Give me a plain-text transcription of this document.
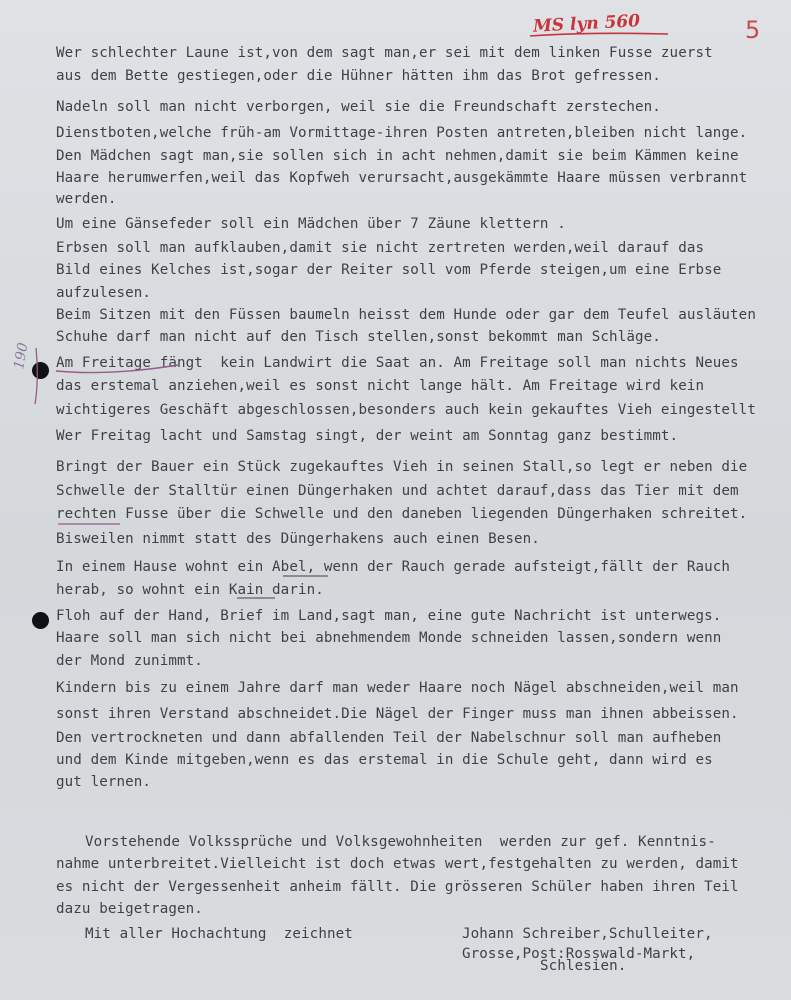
MS lyn 560	5
190
Wer schlechter Laune ist,von dem sagt man,er sei mit dem linken Fusse zuerst
aus dem Bette gestiegen,oder die Hühner hätten ihm das Brot gefressen.
Nadeln soll man nicht verborgen, weil sie die Freundschaft zerstechen.
Dienstboten,welche früh-am Vormittage-ihren Posten antreten,bleiben nicht lange.
Den Mädchen sagt man,sie sollen sich in acht nehmen,damit sie beim Kämmen keine
Haare herumwerfen,weil das Kopfweh verursacht,ausgekämmte Haare müssen verbrannt
werden.
Um eine Gänsefeder soll ein Mädchen über 7 Zäune klettern .
Erbsen soll man aufklauben,damit sie nicht zertreten werden,weil darauf das
Bild eines Kelches ist,sogar der Reiter soll vom Pferde steigen,um eine Erbse
aufzulesen.
Beim Sitzen mit den Füssen baumeln heisst dem Hunde oder gar dem Teufel ausläuten
Schuhe darf man nicht auf den Tisch stellen,sonst bekommt man Schläge.
Am Freitage fängt  kein Landwirt die Saat an. Am Freitage soll man nichts Neues
das erstemal anziehen,weil es sonst nicht lange hält. Am Freitage wird kein
wichtigeres Geschäft abgeschlossen,besonders auch kein gekauftes Vieh eingestellt
Wer Freitag lacht und Samstag singt, der weint am Sonntag ganz bestimmt.
Bringt der Bauer ein Stück zugekauftes Vieh in seinen Stall,so legt er neben die
Schwelle der Stalltür einen Düngerhaken und achtet darauf,dass das Tier mit dem
rechten Fusse über die Schwelle und den daneben liegenden Düngerhaken schreitet.
Bisweilen nimmt statt des Düngerhakens auch einen Besen.
In einem Hause wohnt ein Abel, wenn der Rauch gerade aufsteigt,fällt der Rauch
herab, so wohnt ein Kain darin.
Floh auf der Hand, Brief im Land,sagt man, eine gute Nachricht ist unterwegs.
Haare soll man sich nicht bei abnehmendem Monde schneiden lassen,sondern wenn
der Mond zunimmt.
Kindern bis zu einem Jahre darf man weder Haare noch Nägel abschneiden,weil man
sonst ihren Verstand abschneidet.Die Nägel der Finger muss man ihnen abbeissen.
Den vertrockneten und dann abfallenden Teil der Nabelschnur soll man aufheben
und dem Kinde mitgeben,wenn es das erstemal in die Schule geht, dann wird es
gut lernen.
Vorstehende Volkssprüche und Volksgewohnheiten  werden zur gef. Kenntnis-
nahme unterbreitet.Vielleicht ist doch etwas wert,festgehalten zu werden, damit
es nicht der Vergessenheit anheim fällt. Die grösseren Schüler haben ihren Teil
dazu beigetragen.
Mit aller Hochachtung  zeichnet	Johann Schreiber,Schulleiter,
Grosse,Post:Rosswald-Markt,
Schlesien.
